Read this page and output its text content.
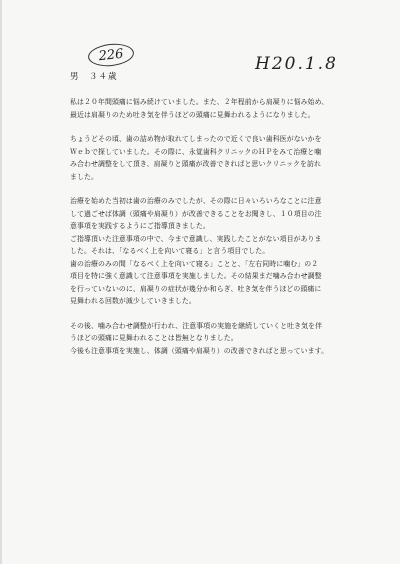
226	H20.1.8
男　３４歳
私は２０年間頭痛に悩み続けていました。また、２年程前から肩凝りに悩み始め、
最近は肩凝りのため吐き気を伴うほどの頭痛に見舞われるようになりました。
ちょうどその頃、歯の詰め物が取れてしまったので近くで良い歯科医がないかを
Ｗｅｂで探していました。その際に、永覚歯科クリニックのＨＰをみて治療と噛
み合わせ調整をして頂き、肩凝りと頭痛が改善できればと思いクリニックを訪れ
ました。
治療を始めた当初は歯の治療のみでしたが、その際に日々いろいろなことに注意
して過ごせば体調（頭痛や肩凝り）が改善できることをお聞きし、１０項目の注
意事項を実践するようにご指導頂きました。
ご指導頂いた注意事項の中で、今まで意識し、実践したことがない項目がありま
した。それは、「なるべく上を向いて寝る」と言う項目でした。
歯の治療のみの間「なるべく上を向いて寝る」ことと、「左右同時に噛む」の２
項目を特に強く意識して注意事項を実施しました。その結果まだ噛み合わせ調整
を行っていないのに、肩凝りの症状が幾分か和らぎ、吐き気を伴うほどの頭痛に
見舞われる回数が減少していきました。
その後、噛み合わせ調整が行われ、注意事項の実施を継続していくと吐き気を伴
うほどの頭痛に見舞われることは皆無となりました。
今後も注意事項を実施し、体調（頭痛や肩凝り）の改善できればと思っています。
